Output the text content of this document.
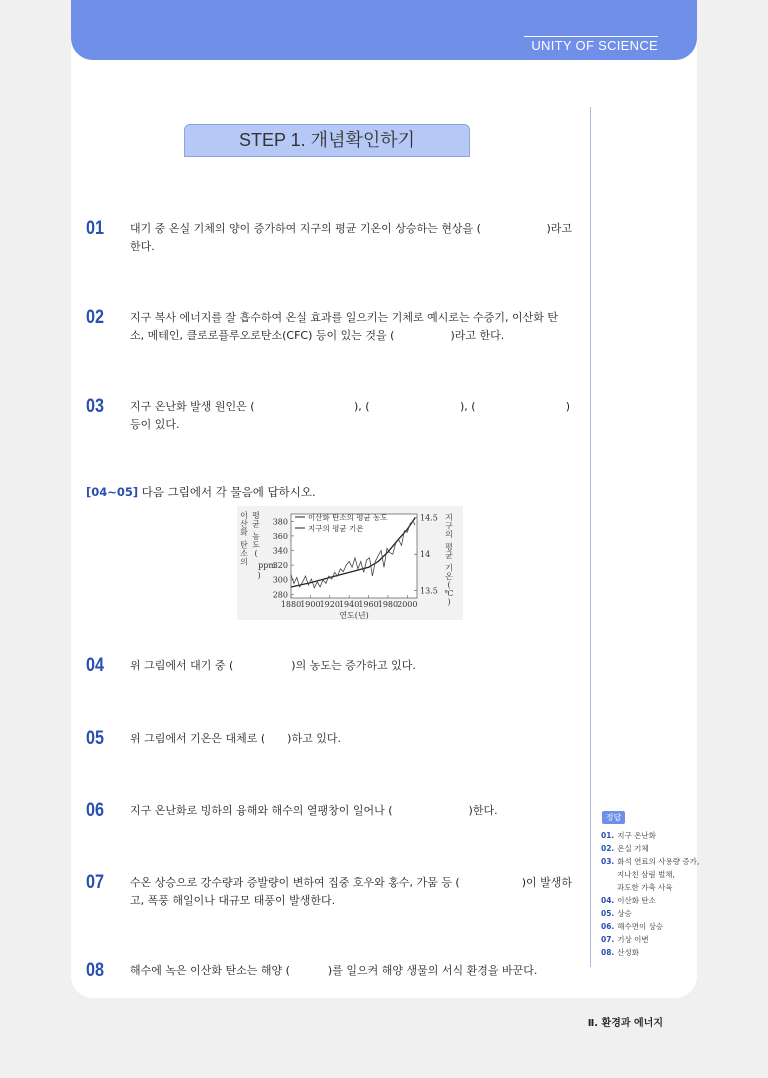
UNITY OF SCIENCE
STEP 1. 개념확인하기
01 대기 중 온실 기체의 양이 증가하여 지구의 평균 기온이 상승하는 현상을 (	)라고
한다.
02 지구 복사 에너지를 잘 흡수하여 온실 효과를 일으키는 기체로 예시로는 수증기, 이산화 탄
소, 메테인, 클로로플루오로탄소(CFC) 등이 있는 것을 (	)라고 한다.
03 지구 온난화 발생 원인은 (	), (	), (	)
등이 있다.
[04~05] 다음 그림에서 각 물음에 답하시오.
1880 1900 1920 1940 1960 1980 2000
연도(년)
280
300
320
340
360
380
13.5
14
14.5
이 산 화 탄 소 의
평 균 농 도 (
ppm
)
지 구 의 평 균 기 온 ( ℃ )
이산화 탄소의 평균 농도
지구의 평균 기온
04 위 그림에서 대기 중 (	)의 농도는 증가하고 있다.
05 위 그림에서 기온은 대체로 ( )하고 있다.
06 지구 온난화로 빙하의 융해와 해수의 열팽창이 일어나 (	)한다.
07 수온 상승으로 강수량과 증발량이 변하여 집중 호우와 홍수, 가뭄 등 (	)이 발생하
고, 폭풍 해일이나 대규모 태풍이 발생한다.
08 해수에 녹은 이산화 탄소는 해양 (	)를 일으켜 해양 생물의 서식 환경을 바꾼다.
정답
01. 지구 온난화
02. 온실 기체
03. 화석 연료의 사용량 증가,
지나친 삼림 벌채,
과도한 가축 사육
04. 이산화 탄소
05. 상승
06. 해수면이 상승
07. 기상 이변
08. 산성화
Ⅱ. 환경과 에너지
